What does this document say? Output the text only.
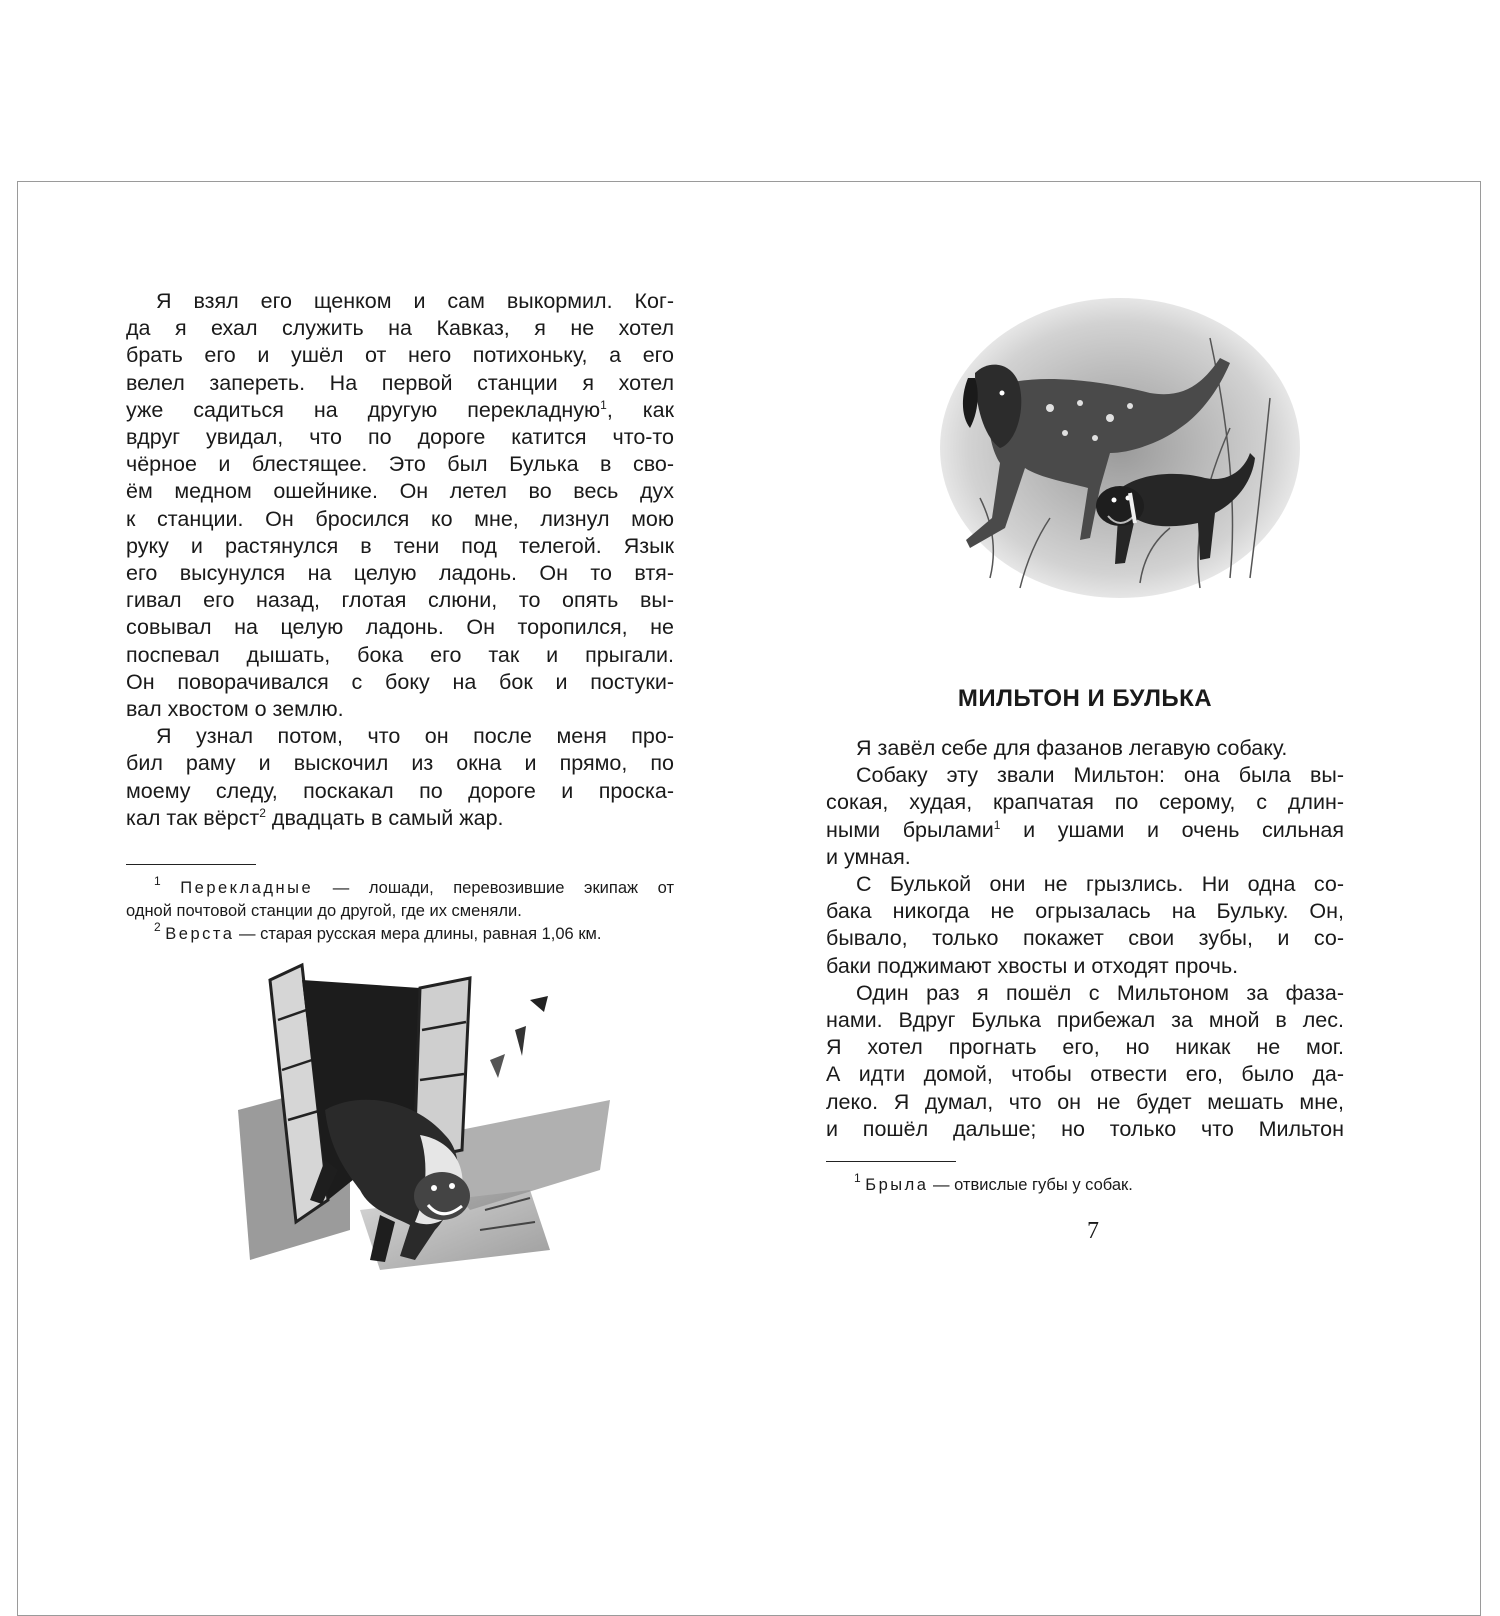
Я взял его щенком и сам выкормил. Ког-
да я ехал служить на Кавказ, я не хотел
брать его и ушёл от него потихоньку, а его
велел запереть. На первой станции я хотел
уже садиться на другую перекладную$^1$, как
вдруг увидал, что по дороге катится что-то
чёрное и блестящее. Это был Булька в сво-
ём медном ошейнике. Он летел во весь дух
к станции. Он бросился ко мне, лизнул мою
руку и растянулся в тени под телегой. Язык
его высунулся на целую ладонь. Он то втя-
гивал его назад, глотая слюни, то опять вы-
совывал на целую ладонь. Он торопился, не
поспевал дышать, бока его так и прыгали.
Он поворачивался с боку на бок и постуки-
вал хвостом о землю.

Я узнал потом, что он после меня про-
бил раму и выскочил из окна и прямо, по
моему следу, поскакал по дороге и проска-
кал так вёрст$^2$ двадцать в самый жар.

$^1$ Перекладные — лошади, перевозившие экипаж от
одной почтовой станции до другой, где их сменяли.

$^2$ Верста — старая русская мера длины, равная 1,06 км.

МИЛЬТОН И БУЛЬКА

Я завёл себе для фазанов легавую собаку.

Собаку эту звали Мильтон: она была вы-
сокая, худая, крапчатая по серому, с длин-
ными брылами$^1$ и ушами и очень сильная
и умная.

С Булькой они не грызлись. Ни одна со-
бака никогда не огрызалась на Бульку. Он,
бывало, только покажет свои зубы, и со-
баки поджимают хвосты и отходят прочь.

Один раз я пошёл с Мильтоном за фаза-
нами. Вдруг Булька прибежал за мной в лес.
Я хотел прогнать его, но никак не мог.
А идти домой, чтобы отвести его, было да-
леко. Я думал, что он не будет мешать мне,
и пошёл дальше; но только что Мильтон

$^1$ Брыла — отвислые губы у собак.

7
